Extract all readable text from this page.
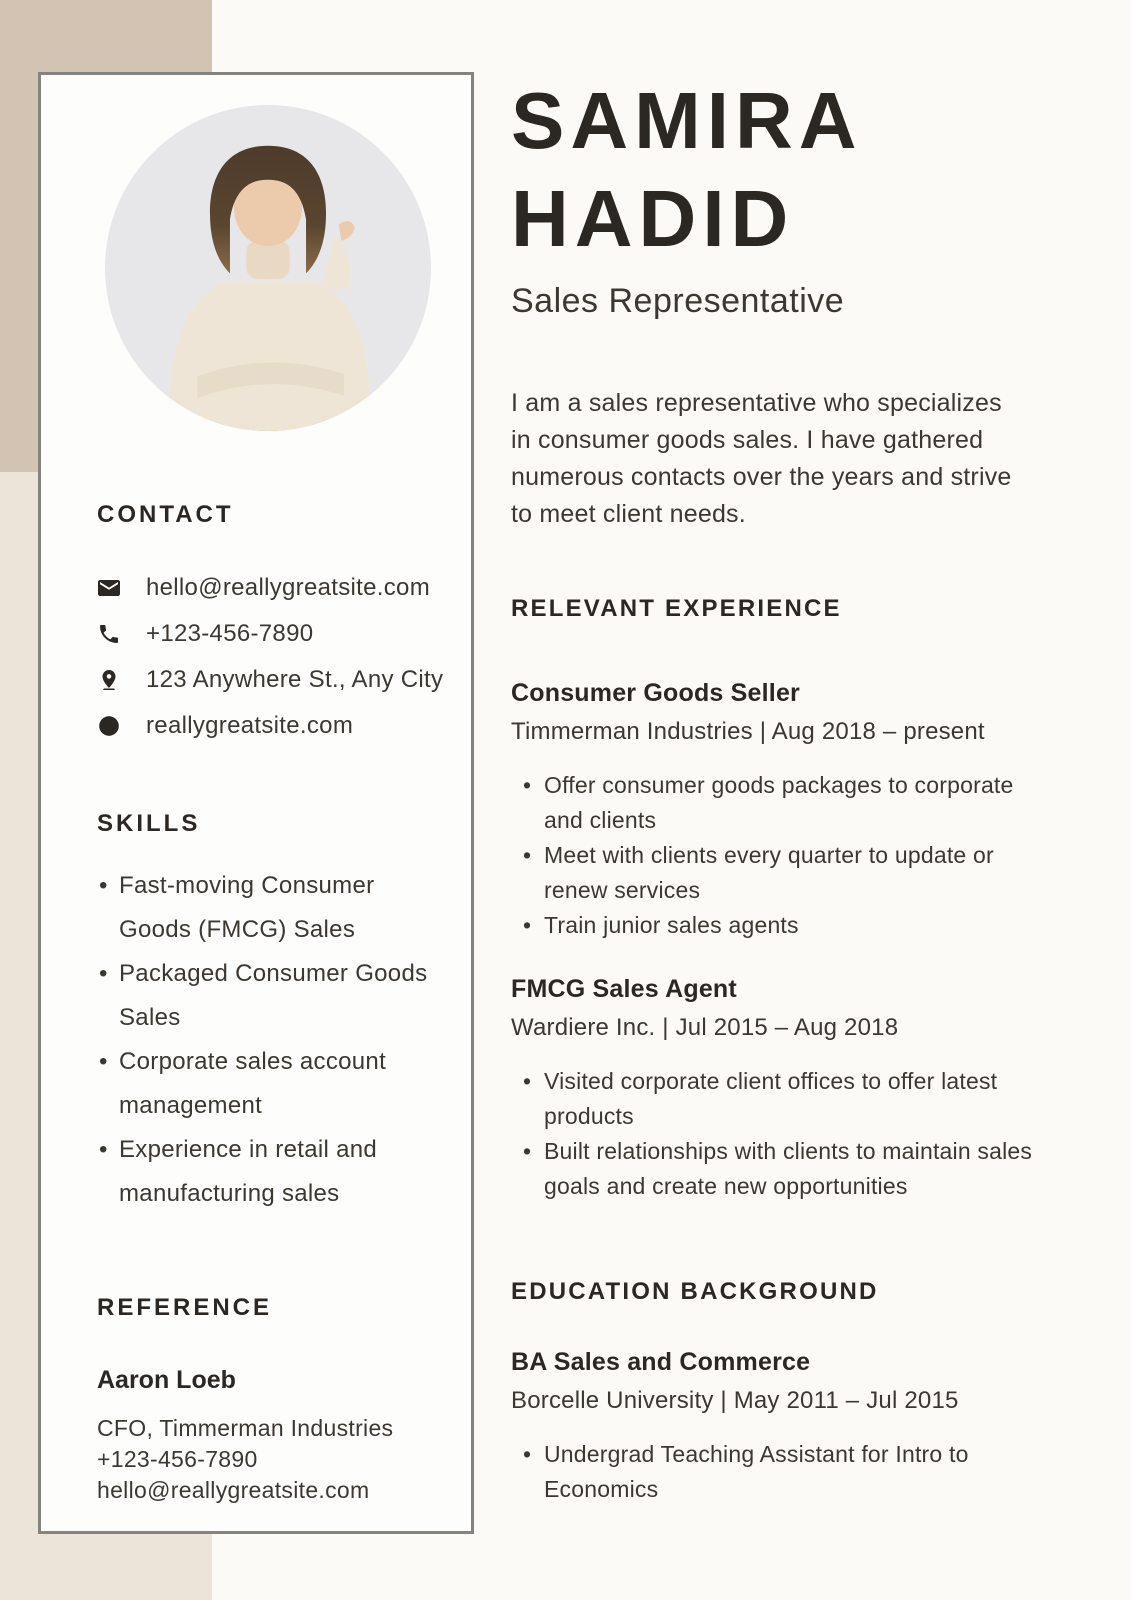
CONTACT
hello@reallygreatsite.com
+123-456-7890
123 Anywhere St., Any City
reallygreatsite.com
SKILLS
• Fast-moving Consumer Goods (FMCG) Sales
• Packaged Consumer Goods Sales
• Corporate sales account management
• Experience in retail and manufacturing sales
REFERENCE
Aaron Loeb
CFO, Timmerman Industries
+123-456-7890
hello@reallygreatsite.com
SAMIRA
HADID
Sales Representative

I am a sales representative who specializes in consumer goods sales. I have gathered numerous contacts over the years and strive to meet client needs.

RELEVANT EXPERIENCE
Consumer Goods Seller
Timmerman Industries | Aug 2018 – present
• Offer consumer goods packages to corporate and clients
• Meet with clients every quarter to update or renew services
• Train junior sales agents
FMCG Sales Agent
Wardiere Inc. | Jul 2015 – Aug 2018
• Visited corporate client offices to offer latest products
• Built relationships with clients to maintain sales goals and create new opportunities
EDUCATION BACKGROUND
BA Sales and Commerce
Borcelle University | May 2011 – Jul 2015
• Undergrad Teaching Assistant for Intro to Economics
